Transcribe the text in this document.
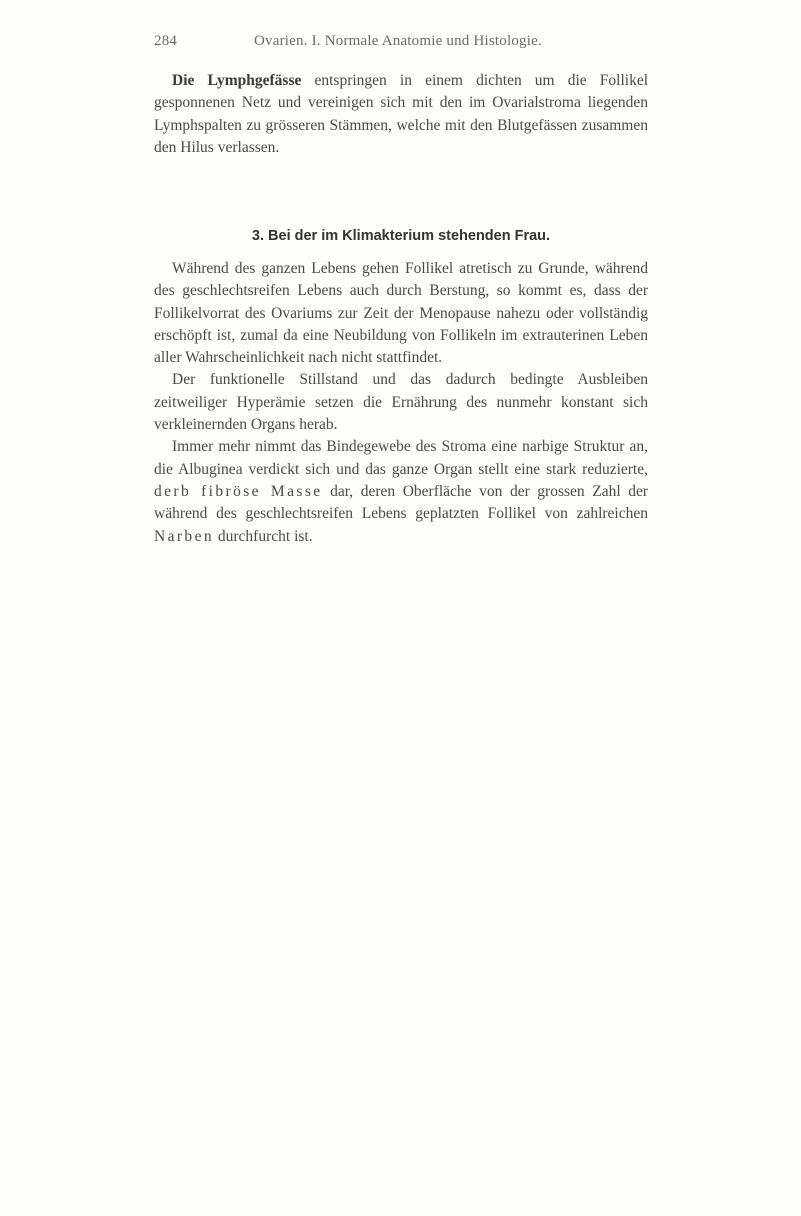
284	Ovarien. I. Normale Anatomie und Histologie.

Die Lymphgefässe entspringen in einem dichten um die Follikel gesponnenen Netz und vereinigen sich mit den im Ovarialstroma liegenden Lymphspalten zu grösseren Stämmen, welche mit den Blutgefässen zusammen den Hilus verlassen.

3. Bei der im Klimakterium stehenden Frau.

Während des ganzen Lebens gehen Follikel atretisch zu Grunde, während des geschlechtsreifen Lebens auch durch Berstung, so kommt es, dass der Follikelvorrat des Ovariums zur Zeit der Menopause nahezu oder vollständig erschöpft ist, zumal da eine Neubildung von Follikeln im extrauterinen Leben aller Wahrscheinlichkeit nach nicht stattfindet.

Der funktionelle Stillstand und das dadurch bedingte Ausbleiben zeitweiliger Hyperämie setzen die Ernährung des nunmehr konstant sich verkleinernden Organs herab.

Immer mehr nimmt das Bindegewebe des Stroma eine narbige Struktur an, die Albuginea verdickt sich und das ganze Organ stellt eine stark reduzierte, derb fibröse Masse dar, deren Oberfläche von der grossen Zahl der während des geschlechtsreifen Lebens geplatzten Follikel von zahlreichen Narben durchfurcht ist.
